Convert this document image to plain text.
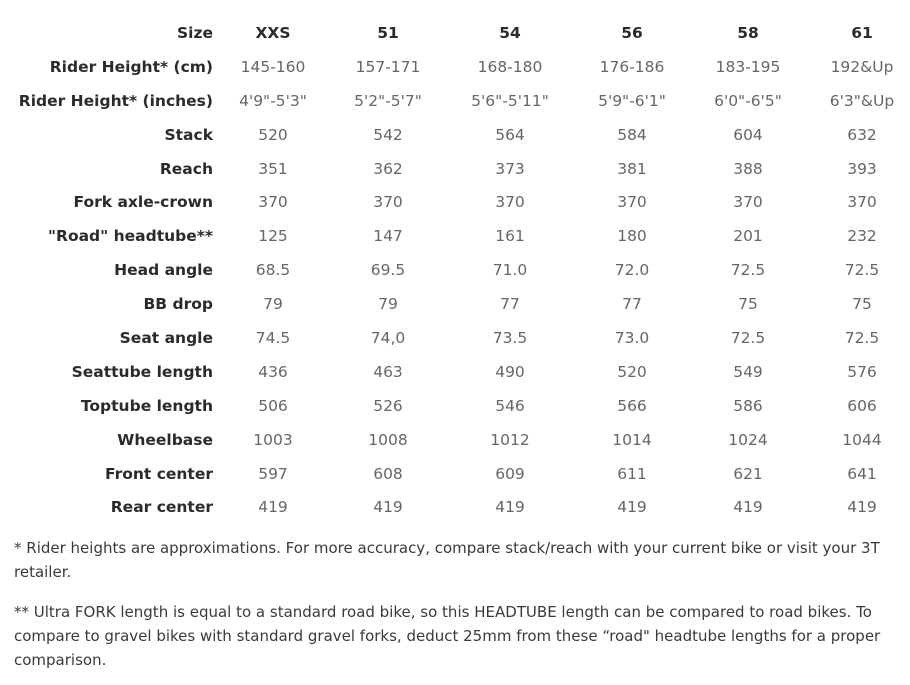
Size	XXS	51	54	56	58	61
Rider Height* (cm)	145-160	157-171	168-180	176-186	183-195	192&Up
Rider Height* (inches)	4'9"-5'3"	5'2"-5'7"	5'6"-5'11"	5'9"-6'1"	6'0"-6'5"	6'3"&Up
Stack	520	542	564	584	604	632
Reach	351	362	373	381	388	393
Fork axle-crown	370	370	370	370	370	370
"Road" headtube**	125	147	161	180	201	232
Head angle	68.5	69.5	71.0	72.0	72.5	72.5
BB drop	79	79	77	77	75	75
Seat angle	74.5	74,0	73.5	73.0	72.5	72.5
Seattube length	436	463	490	520	549	576
Toptube length	506	526	546	566	586	606
Wheelbase	1003	1008	1012	1014	1024	1044
Front center	597	608	609	611	621	641
Rear center	419	419	419	419	419	419
* Rider heights are approximations. For more accuracy, compare stack/reach with your current bike or visit your 3T retailer.
** Ultra FORK length is equal to a standard road bike, so this HEADTUBE length can be compared to road bikes. To compare to gravel bikes with standard gravel forks, deduct 25mm from these “road" headtube lengths for a proper comparison.
